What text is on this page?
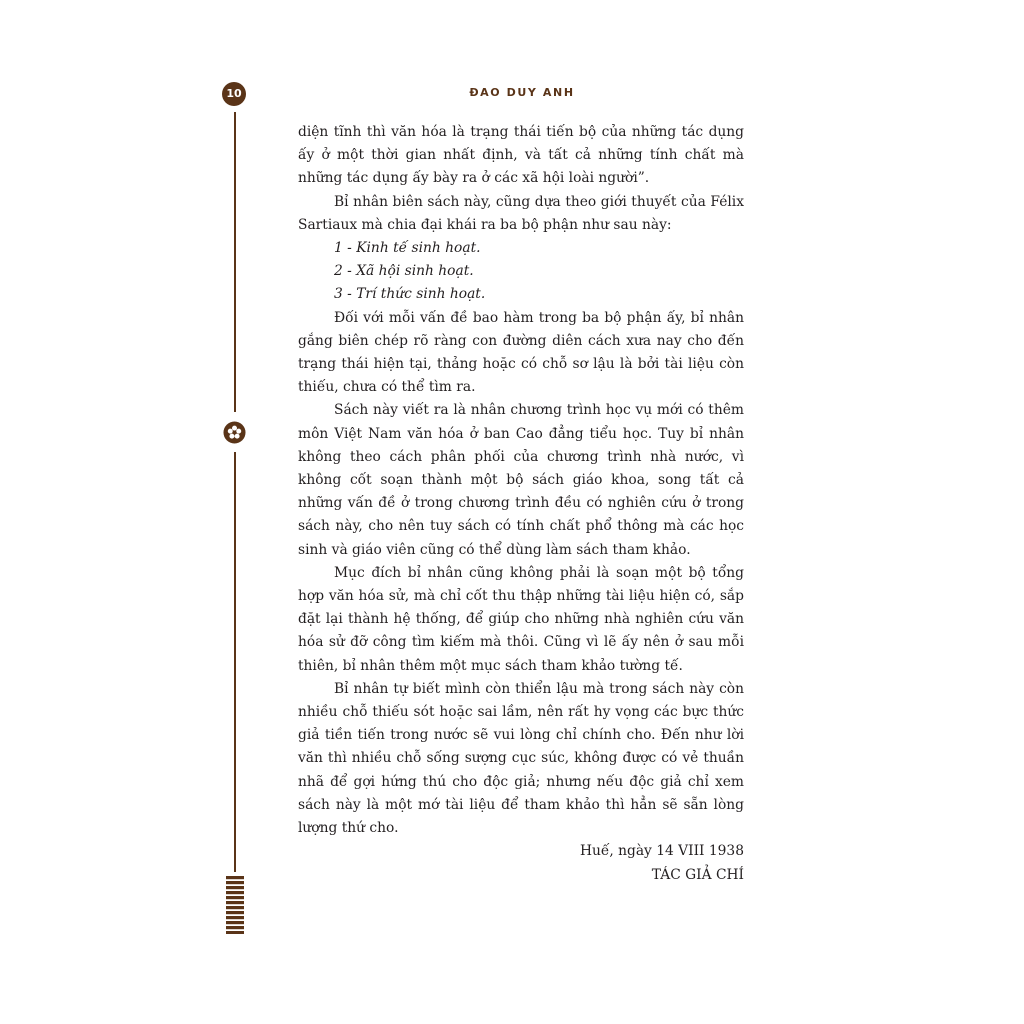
10	ĐAO DUY ANH

diện tĩnh thì văn hóa là trạng thái tiến bộ của những tác dụng ấy ở một thời gian nhất định, và tất cả những tính chất mà những tác dụng ấy bày ra ở các xã hội loài người”.

Bỉ nhân biên sách này, cũng dựa theo giới thuyết của Félix Sartiaux mà chia đại khái ra ba bộ phận như sau này:

1 - Kinh tế sinh hoạt.

2 - Xã hội sinh hoạt.

3 - Trí thức sinh hoạt.

Đối với mỗi vấn đề bao hàm trong ba bộ phận ấy, bỉ nhân gắng biên chép rõ ràng con đường diên cách xưa nay cho đến trạng thái hiện tại, thảng hoặc có chỗ sơ lậu là bởi tài liệu còn thiếu, chưa có thể tìm ra.

Sách này viết ra là nhân chương trình học vụ mới có thêm môn Việt Nam văn hóa ở ban Cao đẳng tiểu học. Tuy bỉ nhân không theo cách phân phối của chương trình nhà nước, vì không cốt soạn thành một bộ sách giáo khoa, song tất cả những vấn đề ở trong chương trình đều có nghiên cứu ở trong sách này, cho nên tuy sách có tính chất phổ thông mà các học sinh và giáo viên cũng có thể dùng làm sách tham khảo.

Mục đích bỉ nhân cũng không phải là soạn một bộ tổng hợp văn hóa sử, mà chỉ cốt thu thập những tài liệu hiện có, sắp đặt lại thành hệ thống, để giúp cho những nhà nghiên cứu văn hóa sử đỡ công tìm kiếm mà thôi. Cũng vì lẽ ấy nên ở sau mỗi thiên, bỉ nhân thêm một mục sách tham khảo tường tế.

Bỉ nhân tự biết mình còn thiển lậu mà trong sách này còn nhiều chỗ thiếu sót hoặc sai lầm, nên rất hy vọng các bực thức giả tiền tiến trong nước sẽ vui lòng chỉ chính cho. Đến như lời văn thì nhiều chỗ sống sượng cục súc, không được có vẻ thuần nhã để gợi hứng thú cho độc giả; nhưng nếu độc giả chỉ xem sách này là một mớ tài liệu để tham khảo thì hẳn sẽ sẵn lòng lượng thứ cho.

Huế, ngày 14 VIII 1938

TÁC GIẢ CHÍ
